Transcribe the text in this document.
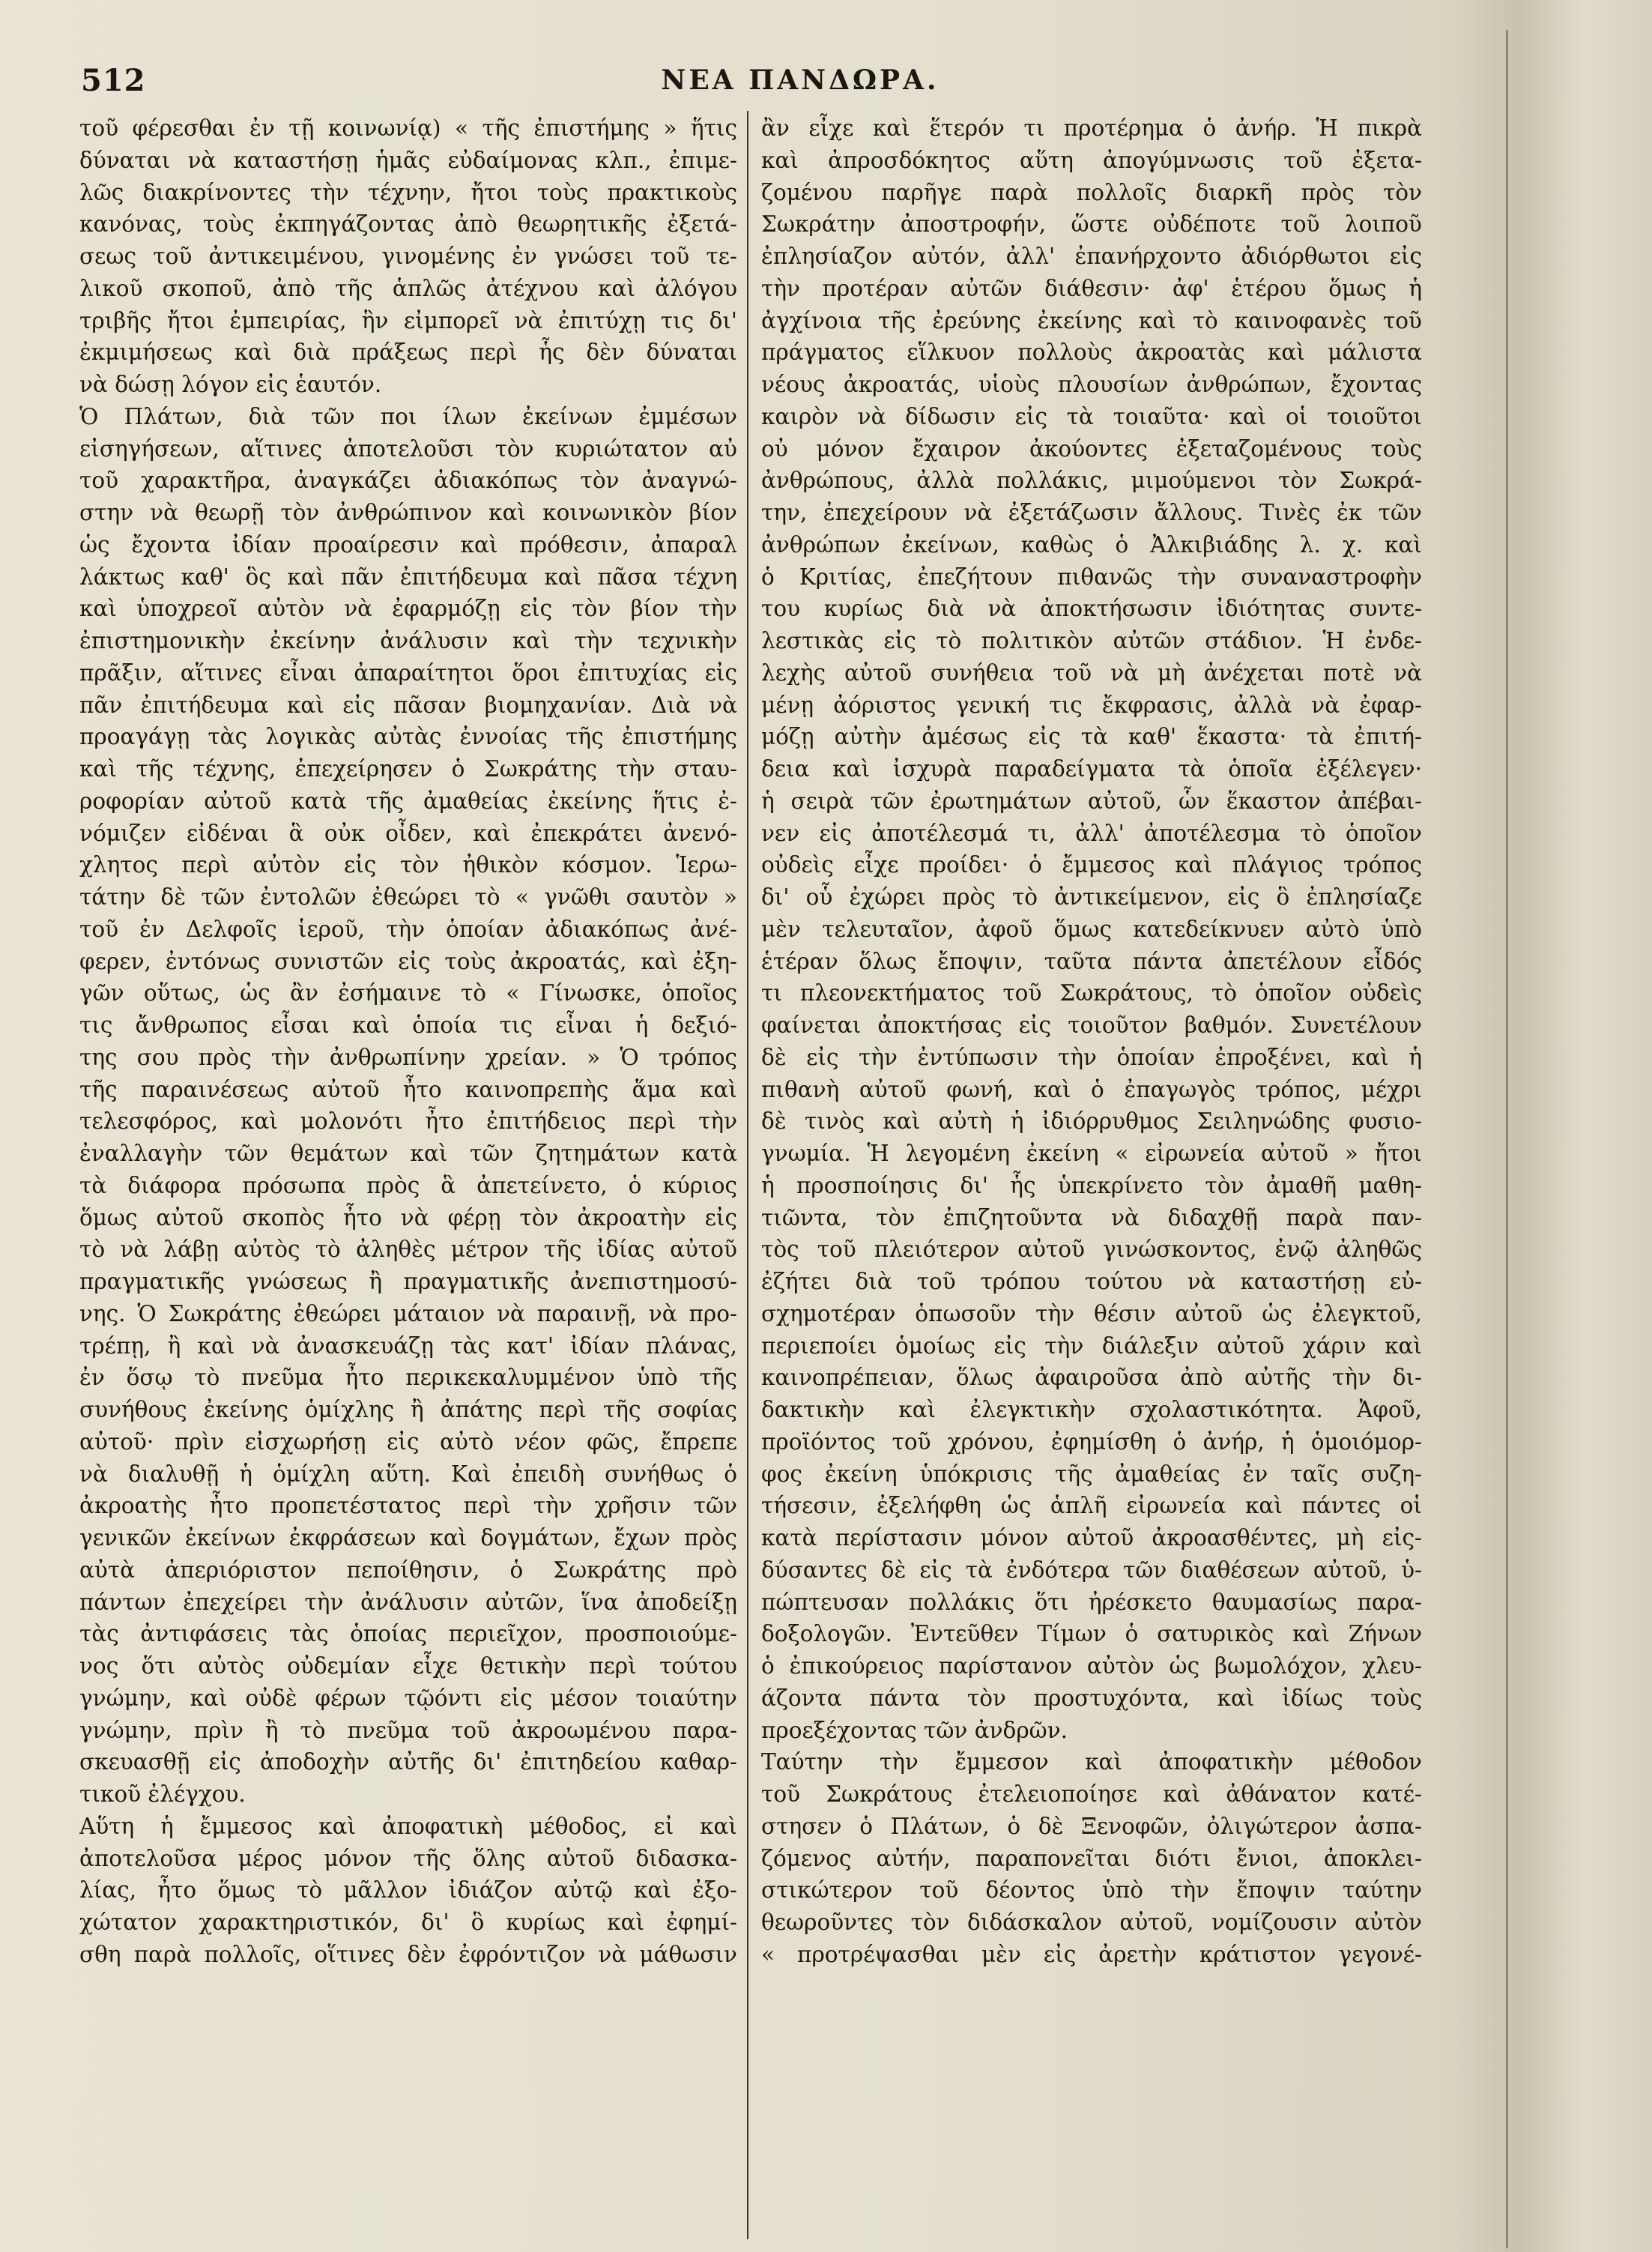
512	ΝΕΑ ΠΑΝΔΩΡΑ.
τοῦ φέρεσθαι ἐν τῇ κοινωνίᾳ) « τῆς ἐπιστήμης » ἥτις
δύναται νὰ καταστήσῃ ἡμᾶς εὐδαίμονας κλπ., ἐπιμε-
λῶς διακρίνοντες τὴν τέχνην, ἤτοι τοὺς πρακτικοὺς
κανόνας, τοὺς ἐκπηγάζοντας ἀπὸ θεωρητικῆς ἐξετά-
σεως τοῦ ἀντικειμένου, γινομένης ἐν γνώσει τοῦ τε-
λικοῦ σκοποῦ, ἀπὸ τῆς ἁπλῶς ἀτέχνου καὶ ἀλόγου
τριβῆς ἤτοι ἐμπειρίας, ἣν εἰμπορεῖ νὰ ἐπιτύχῃ τις δι'
ἐκμιμήσεως καὶ διὰ πράξεως περὶ ἧς δὲν δύναται
νὰ δώσῃ λόγον εἰς ἑαυτόν.
Ὁ Πλάτων, διὰ τῶν ποι ίλων ἐκείνων ἐμμέσων
εἰσηγήσεων, αἵτινες ἀποτελοῦσι τὸν κυριώτατον αὐ
τοῦ χαρακτῆρα, ἀναγκάζει ἀδιακόπως τὸν ἀναγνώ-
στην νὰ θεωρῇ τὸν ἀνθρώπινον καὶ κοινωνικὸν βίον
ὡς ἔχοντα ἰδίαν προαίρεσιν καὶ πρόθεσιν, ἀπαραλ
λάκτως καθ' ὃς καὶ πᾶν ἐπιτήδευμα καὶ πᾶσα τέχνη
καὶ ὑποχρεοῖ αὐτὸν νὰ ἐφαρμόζῃ εἰς τὸν βίον τὴν
ἐπιστημονικὴν ἐκείνην ἀνάλυσιν καὶ τὴν τεχνικὴν
πρᾶξιν, αἵτινες εἶναι ἀπαραίτητοι ὅροι ἐπιτυχίας εἰς
πᾶν ἐπιτήδευμα καὶ εἰς πᾶσαν βιομηχανίαν. Διὰ νὰ
προαγάγῃ τὰς λογικὰς αὐτὰς ἐννοίας τῆς ἐπιστήμης
καὶ τῆς τέχνης, ἐπεχείρησεν ὁ Σωκράτης τὴν σταυ-
ροφορίαν αὐτοῦ κατὰ τῆς ἀμαθείας ἐκείνης ἥτις ἐ-
νόμιζεν εἰδέναι ἃ οὐκ οἶδεν, καὶ ἐπεκράτει ἀνενό-
χλητος περὶ αὐτὸν εἰς τὸν ἠθικὸν κόσμον. Ἱερω-
τάτην δὲ τῶν ἐντολῶν ἐθεώρει τὸ « γνῶθι σαυτὸν »
τοῦ ἐν Δελφοῖς ἱεροῦ, τὴν ὁποίαν ἀδιακόπως ἀνέ-
φερεν, ἐντόνως συνιστῶν εἰς τοὺς ἀκροατάς, καὶ ἐξη-
γῶν οὕτως, ὡς ἂν ἐσήμαινε τὸ « Γίνωσκε, ὁποῖος
τις ἄνθρωπος εἶσαι καὶ ὁποία τις εἶναι ἡ δεξιό-
της σου πρὸς τὴν ἀνθρωπίνην χρείαν. » Ὁ τρόπος
τῆς παραινέσεως αὐτοῦ ἦτο καινοπρεπὴς ἅμα καὶ
τελεσφόρος, καὶ μολονότι ἦτο ἐπιτήδειος περὶ τὴν
ἐναλλαγὴν τῶν θεμάτων καὶ τῶν ζητημάτων κατὰ
τὰ διάφορα πρόσωπα πρὸς ἃ ἀπετείνετο, ὁ κύριος
ὅμως αὐτοῦ σκοπὸς ἦτο νὰ φέρῃ τὸν ἀκροατὴν εἰς
τὸ νὰ λάβῃ αὐτὸς τὸ ἀληθὲς μέτρον τῆς ἰδίας αὐτοῦ
πραγματικῆς γνώσεως ἢ πραγματικῆς ἀνεπιστημοσύ-
νης. Ὁ Σωκράτης ἐθεώρει μάταιον νὰ παραινῇ, νὰ προ-
τρέπῃ, ἢ καὶ νὰ ἀνασκευάζῃ τὰς κατ' ἰδίαν πλάνας,
ἐν ὅσῳ τὸ πνεῦμα ἦτο περικεκαλυμμένον ὑπὸ τῆς
συνήθους ἐκείνης ὁμίχλης ἢ ἀπάτης περὶ τῆς σοφίας
αὐτοῦ· πρὶν εἰσχωρήσῃ εἰς αὐτὸ νέον φῶς, ἔπρεπε
νὰ διαλυθῇ ἡ ὁμίχλη αὕτη. Καὶ ἐπειδὴ συνήθως ὁ
ἀκροατὴς ἦτο προπετέστατος περὶ τὴν χρῆσιν τῶν
γενικῶν ἐκείνων ἐκφράσεων καὶ δογμάτων, ἔχων πρὸς
αὐτὰ ἀπεριόριστον πεποίθησιν, ὁ Σωκράτης πρὸ
πάντων ἐπεχείρει τὴν ἀνάλυσιν αὐτῶν, ἵνα ἀποδείξῃ
τὰς ἀντιφάσεις τὰς ὁποίας περιεῖχον, προσποιούμε-
νος ὅτι αὐτὸς οὐδεμίαν εἶχε θετικὴν περὶ τούτου
γνώμην, καὶ οὐδὲ φέρων τῷόντι εἰς μέσον τοιαύτην
γνώμην, πρὶν ἢ τὸ πνεῦμα τοῦ ἀκροωμένου παρα-
σκευασθῇ εἰς ἀποδοχὴν αὐτῆς δι' ἐπιτηδείου καθαρ-
τικοῦ ἐλέγχου.
Αὕτη ἡ ἔμμεσος καὶ ἀποφατικὴ μέθοδος, εἰ καὶ
ἀποτελοῦσα μέρος μόνον τῆς ὅλης αὐτοῦ διδασκα-
λίας, ἦτο ὅμως τὸ μᾶλλον ἰδιάζον αὐτῷ καὶ ἐξο-
χώτατον χαρακτηριστικόν, δι' ὃ κυρίως καὶ ἐφημί-
σθη παρὰ πολλοῖς, οἵτινες δὲν ἐφρόντιζον νὰ μάθωσιν
ἂν εἶχε καὶ ἕτερόν τι προτέρημα ὁ ἀνήρ. Ἡ πικρὰ
καὶ ἀπροσδόκητος αὕτη ἀπογύμνωσις τοῦ ἐξετα-
ζομένου παρῆγε παρὰ πολλοῖς διαρκῆ πρὸς τὸν
Σωκράτην ἀποστροφήν, ὥστε οὐδέποτε τοῦ λοιποῦ
ἐπλησίαζον αὐτόν, ἀλλ' ἐπανήρχοντο ἀδιόρθωτοι εἰς
τὴν προτέραν αὐτῶν διάθεσιν· ἀφ' ἑτέρου ὅμως ἡ
ἀγχίνοια τῆς ἐρεύνης ἐκείνης καὶ τὸ καινοφανὲς τοῦ
πράγματος εἵλκυον πολλοὺς ἀκροατὰς καὶ μάλιστα
νέους ἀκροατάς, υἱοὺς πλουσίων ἀνθρώπων, ἔχοντας
καιρὸν νὰ δίδωσιν εἰς τὰ τοιαῦτα· καὶ οἱ τοιοῦτοι
οὐ μόνον ἔχαιρον ἀκούοντες ἐξεταζομένους τοὺς
ἀνθρώπους, ἀλλὰ πολλάκις, μιμούμενοι τὸν Σωκρά-
την, ἐπεχείρουν νὰ ἐξετάζωσιν ἄλλους. Τινὲς ἐκ τῶν
ἀνθρώπων ἐκείνων, καθὼς ὁ Ἀλκιβιάδης λ. χ. καὶ
ὁ Κριτίας, ἐπεζήτουν πιθανῶς τὴν συναναστροφὴν
του κυρίως διὰ νὰ ἀποκτήσωσιν ἰδιότητας συντε-
λεστικὰς εἰς τὸ πολιτικὸν αὐτῶν στάδιον. Ἡ ἐνδε-
λεχὴς αὐτοῦ συνήθεια τοῦ νὰ μὴ ἀνέχεται ποτὲ νὰ
μένῃ ἀόριστος γενική τις ἔκφρασις, ἀλλὰ νὰ ἐφαρ-
μόζῃ αὐτὴν ἀμέσως εἰς τὰ καθ' ἕκαστα· τὰ ἐπιτή-
δεια καὶ ἰσχυρὰ παραδείγματα τὰ ὁποῖα ἐξέλεγεν·
ἡ σειρὰ τῶν ἐρωτημάτων αὐτοῦ, ὧν ἕκαστον ἀπέβαι-
νεν εἰς ἀποτέλεσμά τι, ἀλλ' ἀποτέλεσμα τὸ ὁποῖον
οὐδεὶς εἶχε προίδει· ὁ ἔμμεσος καὶ πλάγιος τρόπος
δι' οὗ ἐχώρει πρὸς τὸ ἀντικείμενον, εἰς ὃ ἐπλησίαζε
μὲν τελευταῖον, ἀφοῦ ὅμως κατεδείκνυεν αὐτὸ ὑπὸ
ἑτέραν ὅλως ἔποψιν, ταῦτα πάντα ἀπετέλουν εἶδός
τι πλεονεκτήματος τοῦ Σωκράτους, τὸ ὁποῖον οὐδεὶς
φαίνεται ἀποκτήσας εἰς τοιοῦτον βαθμόν. Συνετέλουν
δὲ εἰς τὴν ἐντύπωσιν τὴν ὁποίαν ἐπροξένει, καὶ ἡ
πιθανὴ αὐτοῦ φωνή, καὶ ὁ ἐπαγωγὸς τρόπος, μέχρι
δὲ τινὸς καὶ αὐτὴ ἡ ἰδιόρρυθμος Σειληνώδης φυσιο-
γνωμία. Ἡ λεγομένη ἐκείνη « εἰρωνεία αὐτοῦ » ἤτοι
ἡ προσποίησις δι' ἧς ὑπεκρίνετο τὸν ἀμαθῆ μαθη-
τιῶντα, τὸν ἐπιζητοῦντα νὰ διδαχθῇ παρὰ παν-
τὸς τοῦ πλειότερον αὐτοῦ γινώσκοντος, ἐνῷ ἀληθῶς
ἐζήτει διὰ τοῦ τρόπου τούτου νὰ καταστήσῃ εὐ-
σχημοτέραν ὁπωσοῦν τὴν θέσιν αὐτοῦ ὡς ἐλεγκτοῦ,
περιεποίει ὁμοίως εἰς τὴν διάλεξιν αὐτοῦ χάριν καὶ
καινοπρέπειαν, ὅλως ἀφαιροῦσα ἀπὸ αὐτῆς τὴν δι-
δακτικὴν καὶ ἐλεγκτικὴν σχολαστικότητα. Ἀφοῦ,
προϊόντος τοῦ χρόνου, ἐφημίσθη ὁ ἀνήρ, ἡ ὁμοιόμορ-
φος ἐκείνη ὑπόκρισις τῆς ἀμαθείας ἐν ταῖς συζη-
τήσεσιν, ἐξελήφθη ὡς ἁπλῆ εἰρωνεία καὶ πάντες οἱ
κατὰ περίστασιν μόνον αὐτοῦ ἀκροασθέντες, μὴ εἰς-
δύσαντες δὲ εἰς τὰ ἐνδότερα τῶν διαθέσεων αὐτοῦ, ὑ-
πώπτευσαν πολλάκις ὅτι ἠρέσκετο θαυμασίως παρα-
δοξολογῶν. Ἐντεῦθεν Τίμων ὁ σατυρικὸς καὶ Ζήνων
ὁ ἐπικούρειος παρίστανον αὐτὸν ὡς βωμολόχον, χλευ-
άζοντα πάντα τὸν προστυχόντα, καὶ ἰδίως τοὺς
προεξέχοντας τῶν ἀνδρῶν.
Ταύτην τὴν ἔμμεσον καὶ ἀποφατικὴν μέθοδον
τοῦ Σωκράτους ἐτελειοποίησε καὶ ἀθάνατον κατέ-
στησεν ὁ Πλάτων, ὁ δὲ Ξενοφῶν, ὀλιγώτερον ἀσπα-
ζόμενος αὐτήν, παραπονεῖται διότι ἔνιοι, ἀποκλει-
στικώτερον τοῦ δέοντος ὑπὸ τὴν ἔποψιν ταύτην
θεωροῦντες τὸν διδάσκαλον αὐτοῦ, νομίζουσιν αὐτὸν
« προτρέψασθαι μὲν εἰς ἀρετὴν κράτιστον γεγονέ-
